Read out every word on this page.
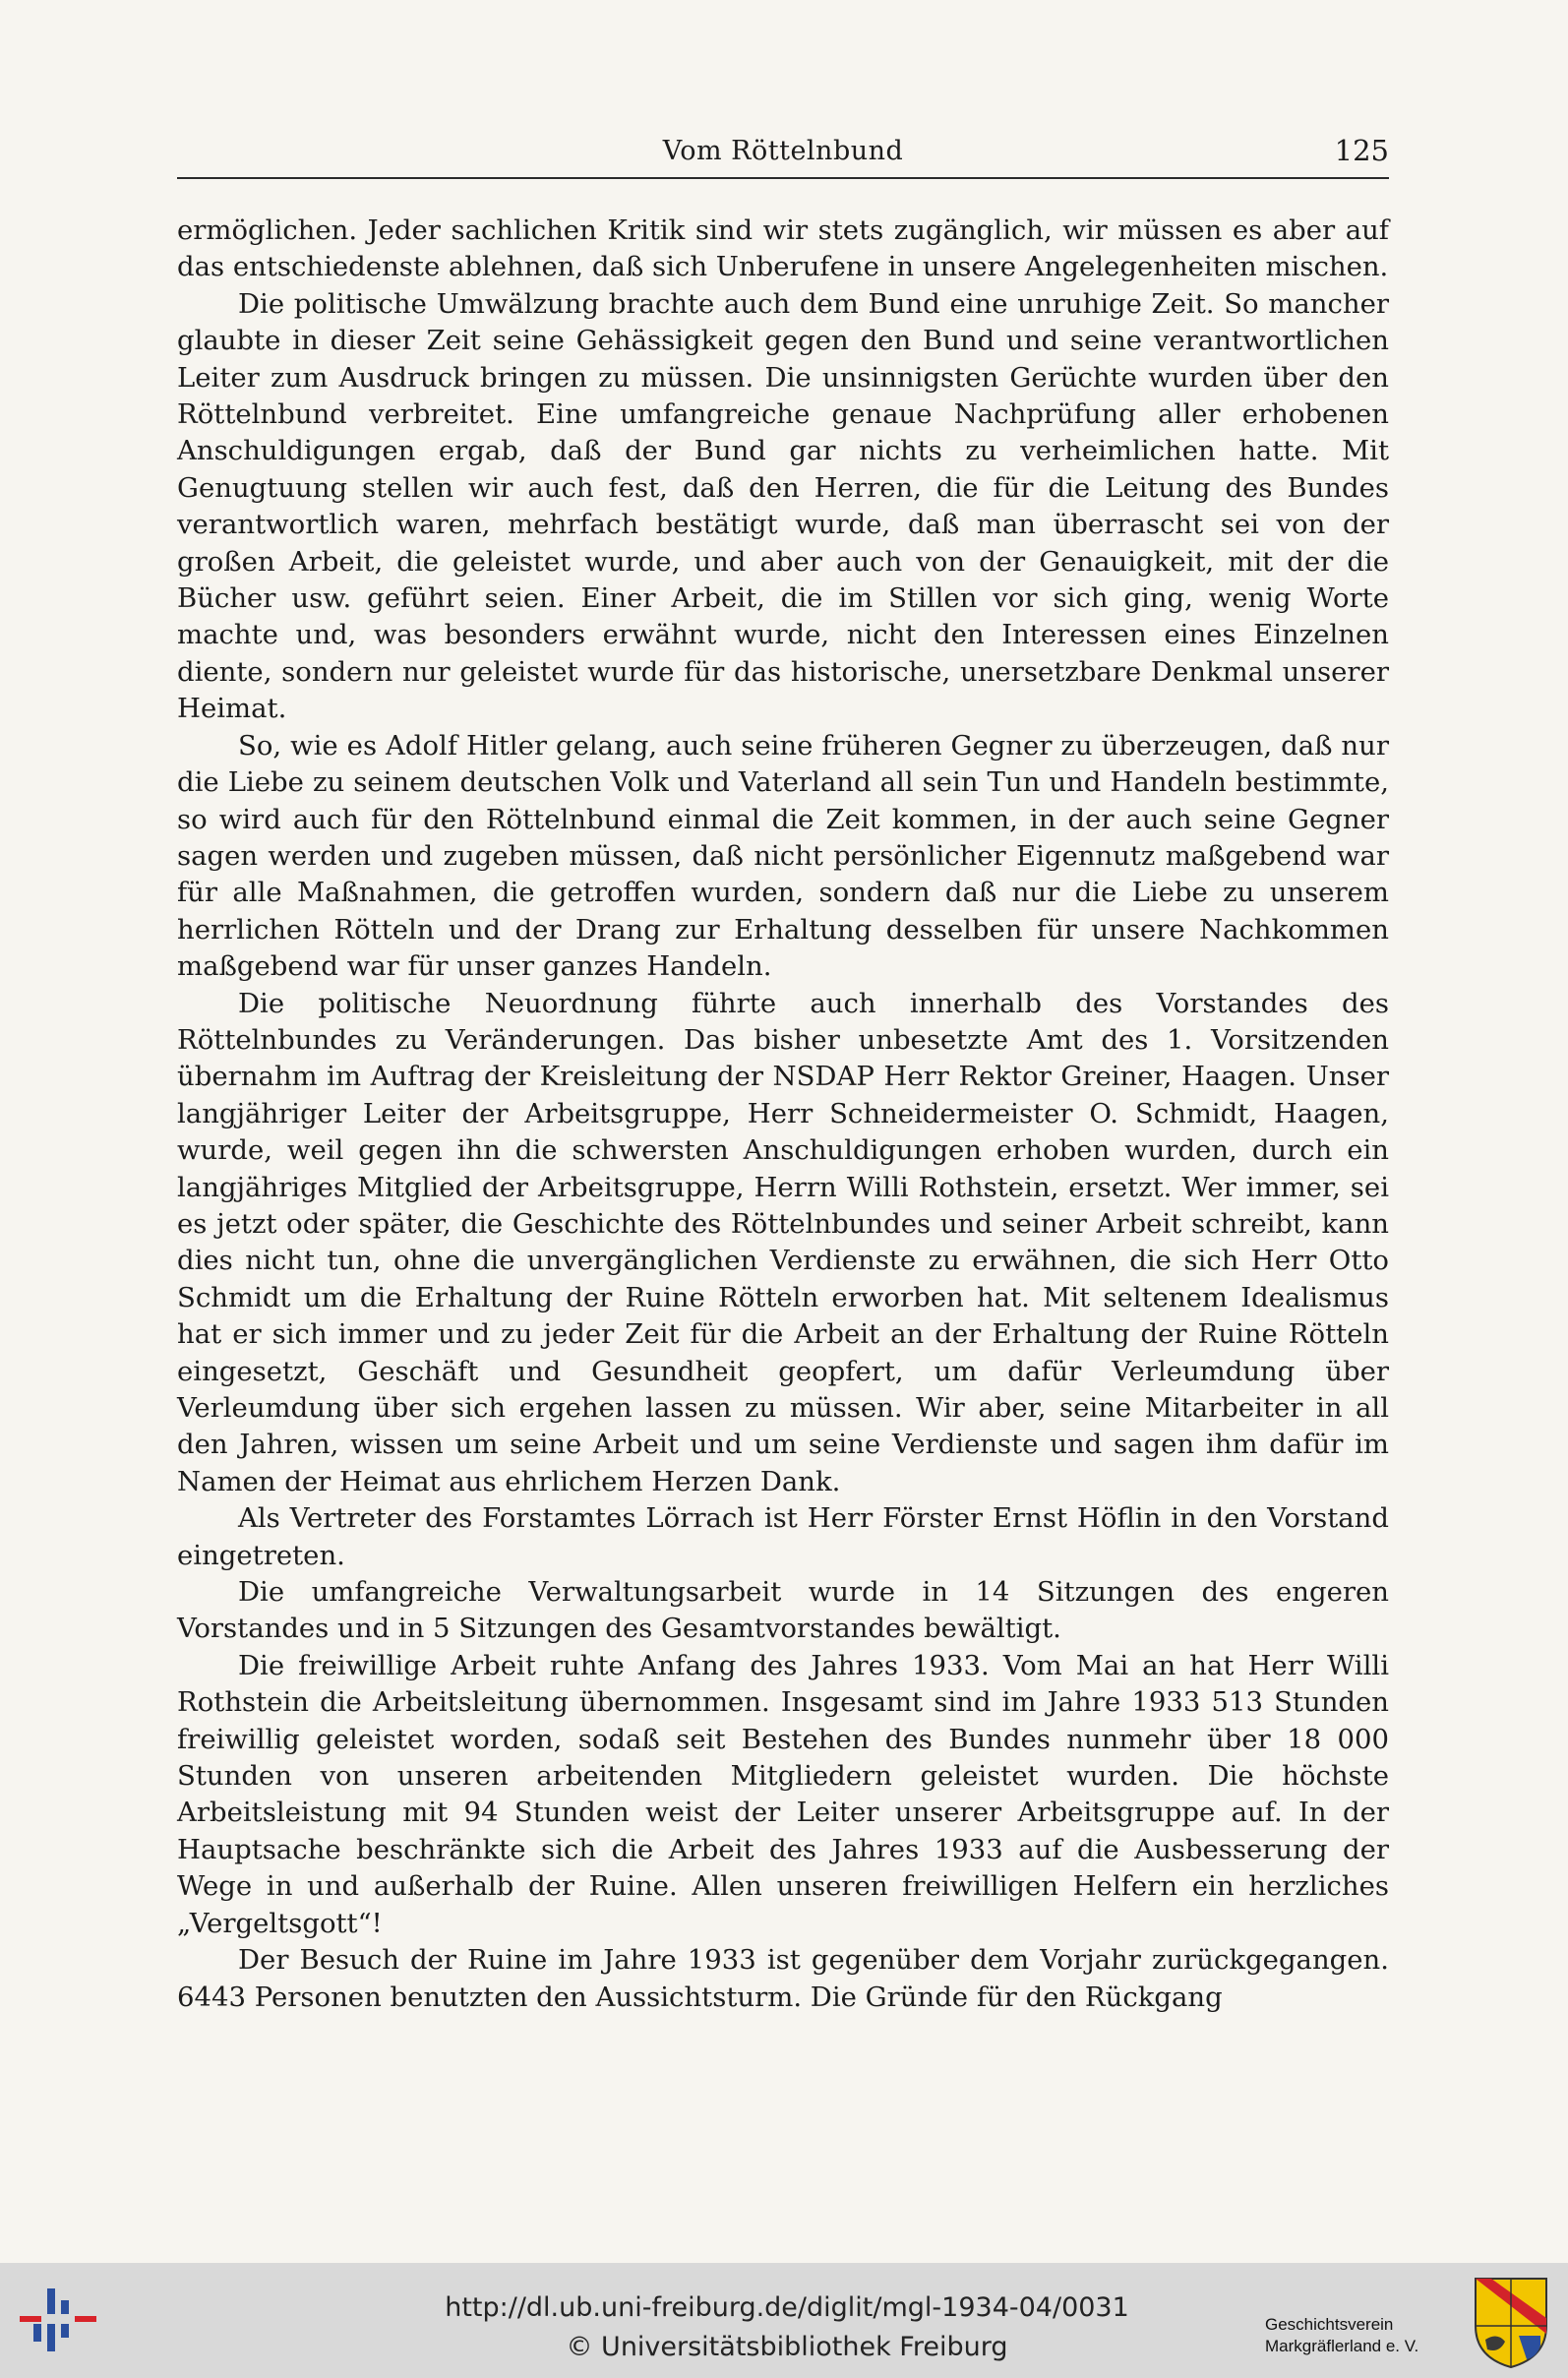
Vom Röttelnbund	125

ermöglichen. Jeder sachlichen Kritik sind wir stets zugänglich, wir müssen es aber auf das entschiedenste ablehnen, daß sich Unberufene in unsere Angelegenheiten mischen.

Die politische Umwälzung brachte auch dem Bund eine unruhige Zeit. So mancher glaubte in dieser Zeit seine Gehässigkeit gegen den Bund und seine verantwortlichen Leiter zum Ausdruck bringen zu müssen. Die unsinnigsten Gerüchte wurden über den Röttelnbund verbreitet. Eine umfangreiche genaue Nachprüfung aller erhobenen Anschuldigungen ergab, daß der Bund gar nichts zu verheimlichen hatte. Mit Genugtuung stellen wir auch fest, daß den Herren, die für die Leitung des Bundes verantwortlich waren, mehrfach bestätigt wurde, daß man überrascht sei von der großen Arbeit, die geleistet wurde, und aber auch von der Genauigkeit, mit der die Bücher usw. geführt seien. Einer Arbeit, die im Stillen vor sich ging, wenig Worte machte und, was besonders erwähnt wurde, nicht den Interessen eines Einzelnen diente, sondern nur geleistet wurde für das historische, unersetzbare Denkmal unserer Heimat.

So, wie es Adolf Hitler gelang, auch seine früheren Gegner zu überzeugen, daß nur die Liebe zu seinem deutschen Volk und Vaterland all sein Tun und Handeln bestimmte, so wird auch für den Röttelnbund einmal die Zeit kommen, in der auch seine Gegner sagen werden und zugeben müssen, daß nicht persönlicher Eigennutz maßgebend war für alle Maßnahmen, die getroffen wurden, sondern daß nur die Liebe zu unserem herrlichen Rötteln und der Drang zur Erhaltung desselben für unsere Nachkommen maßgebend war für unser ganzes Handeln.

Die politische Neuordnung führte auch innerhalb des Vorstandes des Röttelnbundes zu Veränderungen. Das bisher unbesetzte Amt des 1. Vorsitzenden übernahm im Auftrag der Kreisleitung der NSDAP Herr Rektor Greiner, Haagen. Unser langjähriger Leiter der Arbeitsgruppe, Herr Schneidermeister O. Schmidt, Haagen, wurde, weil gegen ihn die schwersten Anschuldigungen erhoben wurden, durch ein langjähriges Mitglied der Arbeitsgruppe, Herrn Willi Rothstein, ersetzt. Wer immer, sei es jetzt oder später, die Geschichte des Röttelnbundes und seiner Arbeit schreibt, kann dies nicht tun, ohne die unvergänglichen Verdienste zu erwähnen, die sich Herr Otto Schmidt um die Erhaltung der Ruine Rötteln erworben hat. Mit seltenem Idealismus hat er sich immer und zu jeder Zeit für die Arbeit an der Erhaltung der Ruine Rötteln eingesetzt, Geschäft und Gesundheit geopfert, um dafür Verleumdung über Verleumdung über sich ergehen lassen zu müssen. Wir aber, seine Mitarbeiter in all den Jahren, wissen um seine Arbeit und um seine Verdienste und sagen ihm dafür im Namen der Heimat aus ehrlichem Herzen Dank.

Als Vertreter des Forstamtes Lörrach ist Herr Förster Ernst Höflin in den Vorstand eingetreten.

Die umfangreiche Verwaltungsarbeit wurde in 14 Sitzungen des engeren Vorstandes und in 5 Sitzungen des Gesamtvorstandes bewältigt.

Die freiwillige Arbeit ruhte Anfang des Jahres 1933. Vom Mai an hat Herr Willi Rothstein die Arbeitsleitung übernommen. Insgesamt sind im Jahre 1933 513 Stunden freiwillig geleistet worden, sodaß seit Bestehen des Bundes nunmehr über 18 000 Stunden von unseren arbeitenden Mitgliedern geleistet wurden. Die höchste Arbeitsleistung mit 94 Stunden weist der Leiter unserer Arbeitsgruppe auf. In der Hauptsache beschränkte sich die Arbeit des Jahres 1933 auf die Ausbesserung der Wege in und außerhalb der Ruine. Allen unseren freiwilligen Helfern ein herzliches „Vergeltsgott“!

Der Besuch der Ruine im Jahre 1933 ist gegenüber dem Vorjahr zurückgegangen. 6443 Personen benutzten den Aussichtsturm. Die Gründe für den Rückgang

http://dl.ub.uni-freiburg.de/diglit/mgl-1934-04/0031
© Universitätsbibliothek Freiburg
Geschichtsverein
Markgräflerland e. V.
